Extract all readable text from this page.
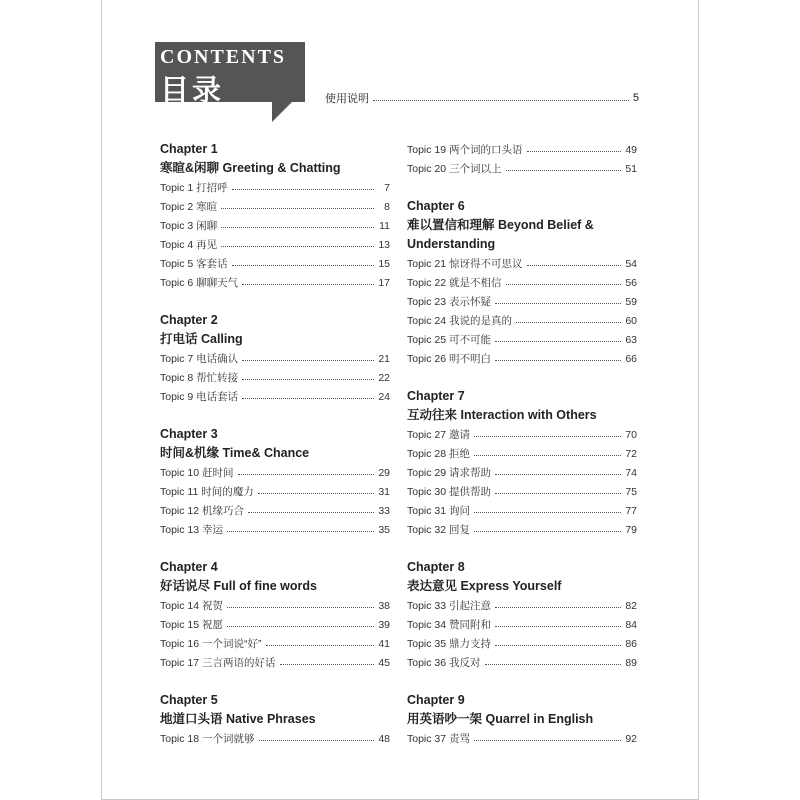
CONTENTS
目录	使用说明	5
Chapter 1
寒暄&闲聊 Greeting & Chatting
Topic 1 打招呼	7
Topic 2 寒暄	8
Topic 3 闲聊	11
Topic 4 再见	13
Topic 5 客套话	15
Topic 6 聊聊天气	17
Chapter 2
打电话 Calling
Topic 7 电话确认	21
Topic 8 帮忙转接	22
Topic 9 电话套话	24
Chapter 3
时间&机缘 Time& Chance
Topic 10 赶时间	29
Topic 11 时间的魔力	31
Topic 12 机缘巧合	33
Topic 13 幸运	35
Chapter 4
好话说尽 Full of fine words
Topic 14 祝贺	38
Topic 15 祝愿	39
Topic 16 一个词说“好”	41
Topic 17 三言两语的好话	45
Chapter 5
地道口头语 Native Phrases
Topic 18 一个词就够	48
Topic 19 两个词的口头语	49
Topic 20 三个词以上	51
Chapter 6
难以置信和理解 Beyond Belief & Understanding
Topic 21 惊讶得不可思议	54
Topic 22 就是不相信	56
Topic 23 表示怀疑	59
Topic 24 我说的是真的	60
Topic 25 可不可能	63
Topic 26 明不明白	66
Chapter 7
互动往来 Interaction with Others
Topic 27 邀请	70
Topic 28 拒绝	72
Topic 29 请求帮助	74
Topic 30 提供帮助	75
Topic 31 询问	77
Topic 32 回复	79
Chapter 8
表达意见 Express Yourself
Topic 33 引起注意	82
Topic 34 赞同附和	84
Topic 35 鼎力支持	86
Topic 36 我反对	89
Chapter 9
用英语吵一架 Quarrel in English
Topic 37 责骂	92
